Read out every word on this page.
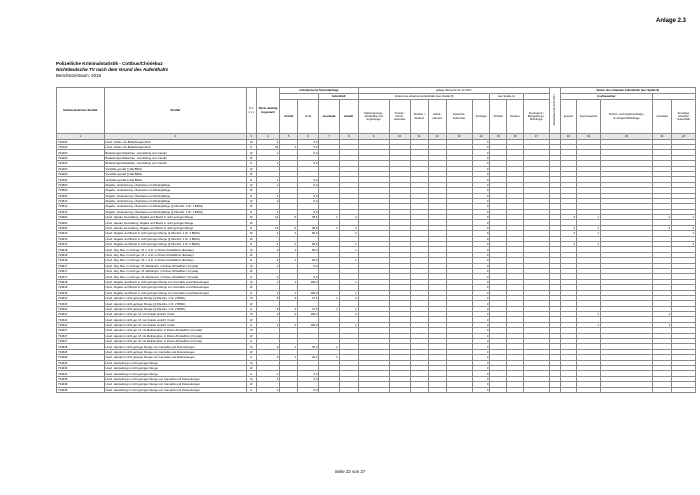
Anlage 2.3
Polizeiliche Kriminalstatistik - Cottbus/Chóśebuz
Nichtdeutsche TV nach dem Grund des Aufenthalts
Berichtszeitraum: 2018
Schlüsselzahl der Straftat	Straftat	S V v v v	Tatver-dächtig insgesamt	nichtdeutsche Tatverdächtige				gültige Werte bis 31.12.2017									Abweichend ab 01.01.2017	Status des erlaubten Aufenthalts (aus Spalte 8)				
						Aufenthalt		Anlass des erlaubten Aufenthalts (aus Spalte 8)						aus Spalte 11				Asylbewerber				
				Anzahl	in %	unerlaubt	erlaubt	Stationierungs-streitkräfte und Angehörige	Tourist / Durch-reisender	Schüler / Student	Arbeit-nehmer	Gewerbe-treibender	Sonstige	Schüler	Student	Kontingent / Bürgerkriegs-flüchtlinge		gesamt	Asyl-bewerber	Schutz- und Asylberechtigte, Kontingentflüchtlinge	Geduldet	Sonstiger erlaubter Aufenthalt
1	2	3	4	5	6	7	8	9	10	11	12	13	14	15	16	17		18	19	20	21	22
730100	Unerl. Anbau von Betäubungsmitteln	M	4		0,0								0									
730100	Unerl. Anbau von Betäubungsmitteln	G	18	1	5,3								0									
734200	Betäubungsmittelanbau, -herstellung und -handel	M	1		0,0								0									
734200	Betäubungsmittelanbau, -herstellung und -handel	W											0									
734200	Betäubungsmittelanbau, -herstellung und -handel	G	1		0,0								0									
734200	Verstöße gemäß § 30a BtMG	M											0									
734200	Verstöße gemäß § 30a BtMG	W											0									
734200	Verstöße gemäß § 30a BtMG	G	1		0,0								0									
734500	Abgabe, Veräußerung, Überlassen an Minderjährige	M	1		0,0								0									
734500	Abgabe, Veräußerung, Überlassen an Minderjährige	W											0									
734500	Abgabe, Veräußerung, Überlassen an Minderjährige	G	2		0,0								0									
734510	Abgabe, Veräußerung, Überlassen an Minderjährige	M	2		0,0								0									
734510	Abgabe, Veräußerung, Überlassen an Minderjährige (§ 29a Abs. 1 Nr. 1 BtMG)	W											0									
734510	Abgabe, Veräußerung, Überlassen an Minderjährige (§ 29a Abs. 1 Nr. 1 BtMG)	G	2		0,0								0									
734600	Unerl. Handel, Herstellung, Abgabe und Besitz in nicht geringer Menge	M	13	5	38,5	1	4						0					2	1		2	1
734600	Unerl. Handel, Herstellung, Abgabe und Besitz in nicht geringer Menge	W											0									
734600	Unerl. Handel, Herstellung, Abgabe und Besitz in nicht geringer Menge	G	13	5	38,5	1	4						0					2	1		2	1
734610	Unerl. Abgabe und Besitz in nicht geringer Menge (§ 29a Abs. 1 Nr. 2 BtMG)	M	4	2	50,0		2						0					2	1			1
734610	Unerl. Abgabe und Besitz in nicht geringer Menge (§ 29a Abs. 1 Nr. 2 BtMG)	W											0									
734610	Unerl. Abgabe und Besitz in nicht geringer Menge (§ 29a Abs. 1 Nr. 2 BtMG)	G	4	2	50,0		2						0					2	1			1
734618	Unerl. Abg. Bes. in nicht ger. M. n. A.D. in Pulver-/Kristallform (Ecstasy)	M	2	1	50,0		1						0									
734618	Unerl. Abg. Bes. in nicht ger. M. n. A.D. in Pulver-/Kristallform (Ecstasy)	W											0									
734618	Unerl. Abg. Bes. in nicht ger. M. n. A.D. in Pulver-/Kristallform (Ecstasy)	G	2	1	50,0		1						0									
734617	Unerl. Abg. Bes. in nicht ger. M. Methamph. in Pulver-/Kristallform (Crystal)	M	1		0,0								0									
734617	Unerl. Abg. Bes. in nicht ger. M. Methamph. in Pulver-/Kristallform (Crystal)	W											0									
734617	Unerl. Abg. Bes. in nicht ger. M. Methamph. in Pulver-/Kristallform (Crystal)	G	1		0,0								0									
734618	Unerl. Abgabe und Besitz in nicht geringer Menge von Cannabis und Zubereitungen	M	1	1	100,0		1						0									
734618	Unerl. Abgabe und Besitz in nicht geringer Menge von Cannabis und Zubereitungen	W											0									
734618	Unerl. Abgabe und Besitz in nicht geringer Menge von Cannabis und Zubereitungen	G	1	1	100,0		1						0									
734620	Unerl. Handel in nicht geringer Menge (§ 29a Abs. 1 Nr. 2 BtMG)	M	8	3	37,5	1	2						0									
734620	Unerl. Handel in nicht geringer Menge (§ 29a Abs. 1 Nr. 2 BtMG)	W											0									
734620	Unerl. Handel in nicht geringer Menge (§ 29a Abs. 1 Nr. 2 BtMG)	G	8	3	37,5	1	2						0									
734622	Unerl. Handel in nicht ger. M. von Kokain einschl. Crack	M	2	2	100,0		2						0						1		1	
734622	Unerl. Handel in nicht ger. M. von Kokain einschl. Crack	W											0									
734622	Unerl. Handel in nicht ger. M. von Kokain einschl. Crack	G	2	2	100,0		2						0						1		1	
734627	Unerl. Handel in nicht ger. M. mit Methamphet. in Pulver-/Kristallform (Crystal)	M											0									
734627	Unerl. Handel in nicht ger. M. mit Methamphet. in Pulver-/Kristallform (Crystal)	W											0									
734627	Unerl. Handel in nicht ger. M. mit Methamphet. in Pulver-/Kristallform (Crystal)	G											0									
734628	Unerl. Handel in nicht geringer Menge von Cannabis und Zubereitungen	M	3	1	33,3	1							0									
734628	Unerl. Handel in nicht geringer Menge von Cannabis und Zubereitungen	W											0									
734628	Unerl. Handel in nicht geringer Menge von Cannabis und Zubereitungen	G	3	1	33,3	1							0									
734640	Unerl. Herstellung in nicht geringer Menge	M											0									
734640	Unerl. Herstellung in nicht geringer Menge	W											0									
734640	Unerl. Herstellung in nicht geringer Menge	G	1		0,0								0									
734648	Unerl. Herstellung in nicht geringer Menge von Cannabis und Zubereitungen	M	1		0,0								0									
734648	Unerl. Herstellung in nicht geringer Menge von Cannabis und Zubereitungen	W											0									
734648	Unerl. Herstellung in nicht geringer Menge von Cannabis und Zubereitungen	G	1		0,0								0									
Seite 22 von 27
